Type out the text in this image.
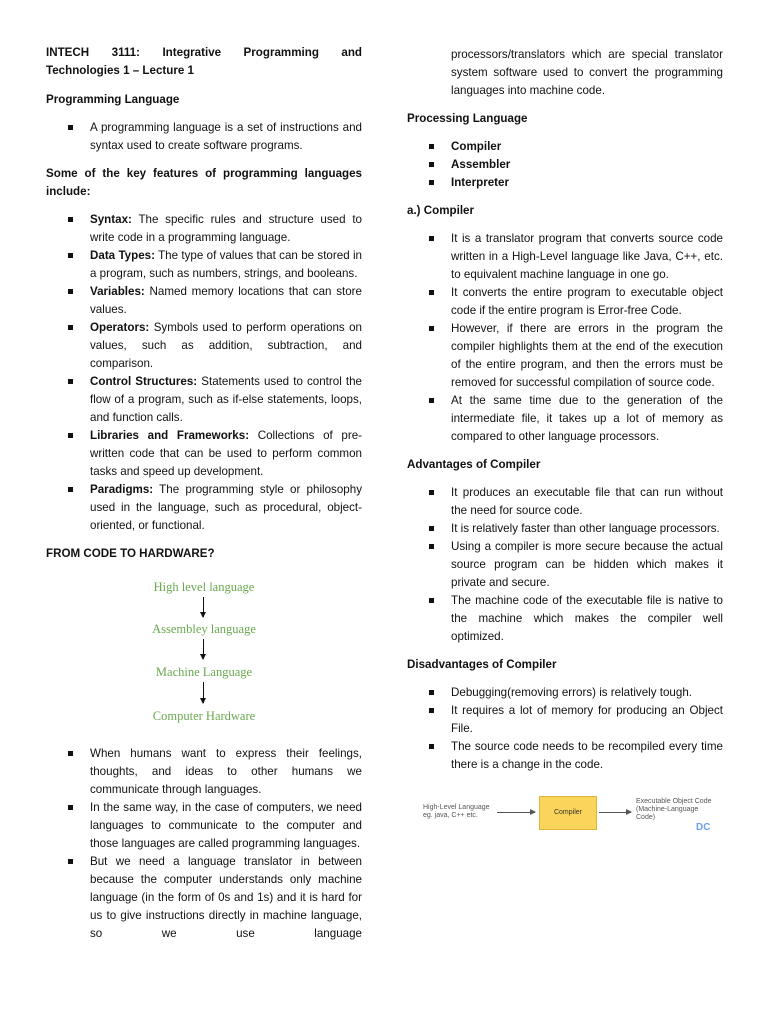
INTECH 3111: Integrative Programming and Technologies 1 – Lecture 1

Programming Language

A programming language is a set of instructions and syntax used to create software programs.

Some of the key features of programming languages include:

Syntax: The specific rules and structure used to write code in a programming language.
Data Types: The type of values that can be stored in a program, such as numbers, strings, and booleans.
Variables: Named memory locations that can store values.
Operators: Symbols used to perform operations on values, such as addition, subtraction, and comparison.
Control Structures: Statements used to control the flow of a program, such as if-else statements, loops, and function calls.
Libraries and Frameworks: Collections of pre-written code that can be used to perform common tasks and speed up development.
Paradigms: The programming style or philosophy used in the language, such as procedural, object-oriented, or functional.

FROM CODE TO HARDWARE?

High level language
Assembley language
Machine Language
Computer Hardware
When humans want to express their feelings, thoughts, and ideas to other humans we communicate through languages.
In the same way, in the case of computers, we need languages to communicate to the computer and those languages are called programming languages.
But we need a language translator in between because the computer understands only machine language (in the form of 0s and 1s) and it is hard for us to give instructions directly in machine language, so we use language

processors/translators which are special translator system software used to convert the programming languages into machine code.

Processing Language

Compiler
Assembler
Interpreter

a.) Compiler

It is a translator program that converts source code written in a High-Level language like Java, C++, etc. to equivalent machine language in one go.
It converts the entire program to executable object code if the entire program is Error-free Code.
However, if there are errors in the program the compiler highlights them at the end of the execution of the entire program, and then the errors must be removed for successful compilation of source code.
At the same time due to the generation of the intermediate file, it takes up a lot of memory as compared to other language processors.

Advantages of Compiler

It produces an executable file that can run without the need for source code.
It is relatively faster than other language processors.
Using a compiler is more secure because the actual source program can be hidden which makes it private and secure.
The machine code of the executable file is native to the machine which makes the compiler well optimized.

Disadvantages of Compiler

Debugging(removing errors) is relatively tough.
It requires a lot of memory for producing an Object File.
The source code needs to be recompiled every time there is a change in the code.
High-Level Language
eg. java, C++ etc.	Compiler
Executable Object Code
(Machine-Language
Code)
DC
